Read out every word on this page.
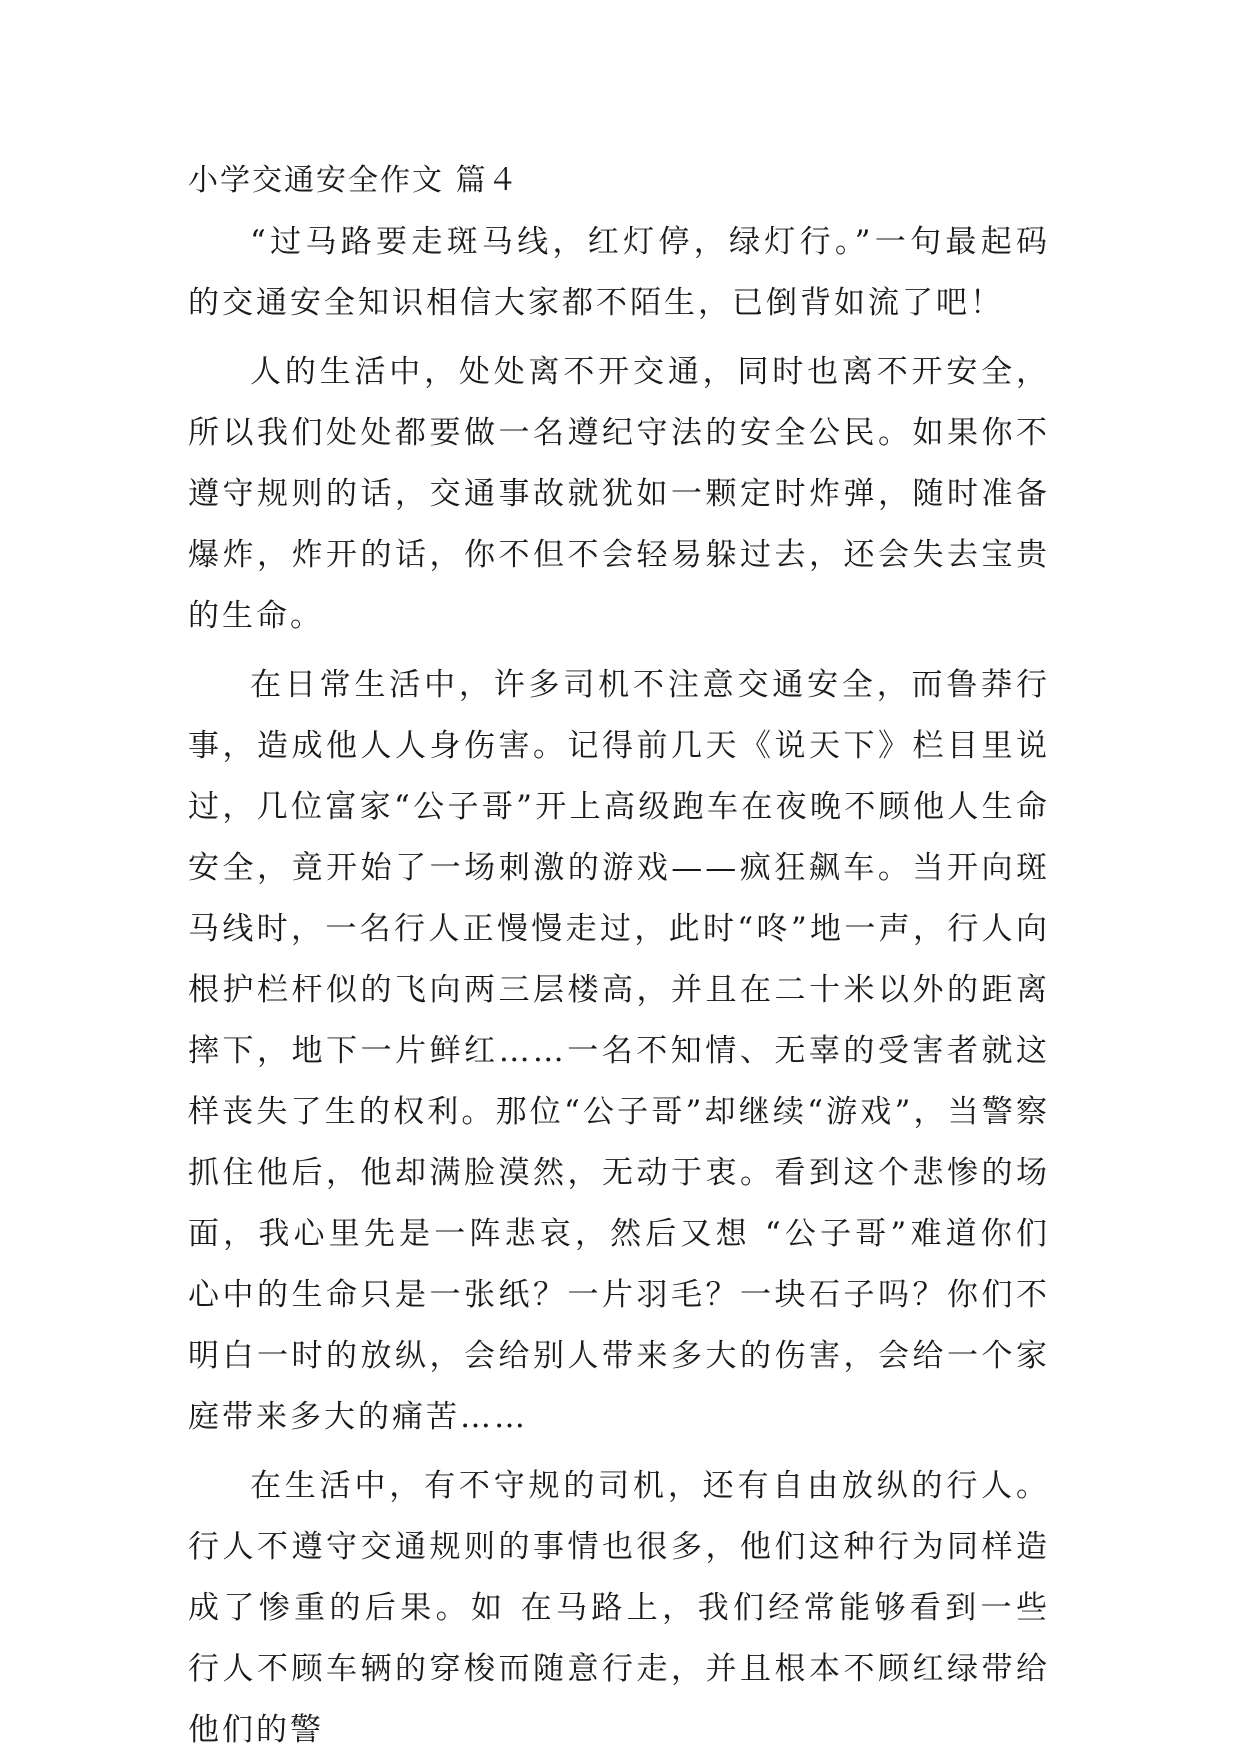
小学交通安全作文 篇４

“过马路要走斑马线，红灯停，绿灯行。”一句最起码的交通安全知识相信大家都不陌生，已倒背如流了吧！

人的生活中，处处离不开交通，同时也离不开安全，所以我们处处都要做一名遵纪守法的安全公民。如果你不遵守规则的话，交通事故就犹如一颗定时炸弹，随时准备爆炸，炸开的话，你不但不会轻易躲过去，还会失去宝贵的生命。

在日常生活中，许多司机不注意交通安全，而鲁莽行事，造成他人人身伤害。记得前几天《说天下》栏目里说过，几位富家“公子哥”开上高级跑车在夜晚不顾他人生命安全，竟开始了一场刺激的游戏——疯狂飙车。当开向斑马线时，一名行人正慢慢走过，此时“咚”地一声，行人向根护栏杆似的飞向两三层楼高，并且在二十米以外的距离摔下，地下一片鲜红……一名不知情、无辜的受害者就这样丧失了生的权利。那位“公子哥”却继续“游戏”，当警察抓住他后，他却满脸漠然，无动于衷。看到这个悲惨的场面，我心里先是一阵悲哀，然后又想 “公子哥”难道你们心中的生命只是一张纸？一片羽毛？一块石子吗？你们不明白一时的放纵，会给别人带来多大的伤害，会给一个家庭带来多大的痛苦……

在生活中，有不守规的司机，还有自由放纵的行人。行人不遵守交通规则的事情也很多，他们这种行为同样造成了惨重的后果。如 在马路上，我们经常能够看到一些行人不顾车辆的穿梭而随意行走，并且根本不顾红绿带给他们的警
